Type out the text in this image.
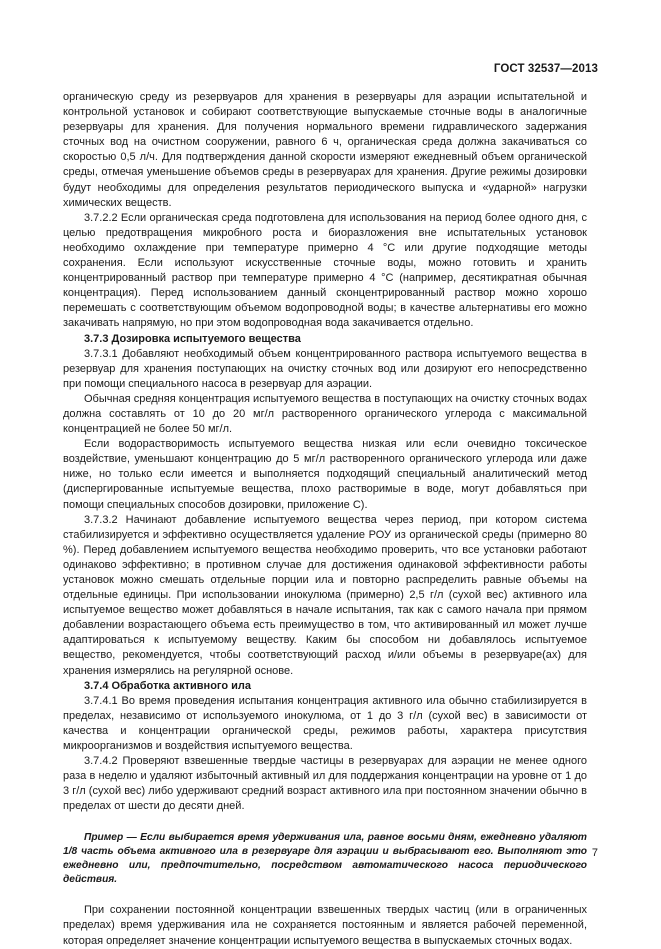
ГОСТ 32537—2013

органическую среду из резервуаров для хранения в резервуары для аэрации испытательной и контрольной установок и собирают соответствующие выпускаемые сточные воды в аналогичные резервуары для хранения. Для получения нормального времени гидравлического задержания сточных вод на очистном сооружении, равного 6 ч, органическая среда должна закачиваться со скоростью 0,5 л/ч. Для подтверждения данной скорости измеряют ежедневный объем органической среды, отмечая уменьшение объемов среды в резервуарах для хранения. Другие режимы дозировки будут необходимы для определения результатов периодического выпуска и «ударной» нагрузки химических веществ.

3.7.2.2 Если органическая среда подготовлена для использования на период более одного дня, с целью предотвращения микробного роста и биоразложения вне испытательных установок необходимо охлаждение при температуре примерно 4 °С или другие подходящие методы сохранения. Если используют искусственные сточные воды, можно готовить и хранить концентрированный раствор при температуре примерно 4 °С (например, десятикратная обычная концентрация). Перед использованием данный сконцентрированный раствор можно хорошо перемешать с соответствующим объемом водопроводной воды; в качестве альтернативы его можно закачивать напрямую, но при этом водопроводная вода закачивается отдельно.

3.7.3 Дозировка испытуемого вещества

3.7.3.1 Добавляют необходимый объем концентрированного раствора испытуемого вещества в резервуар для хранения поступающих на очистку сточных вод или дозируют его непосредственно при помощи специального насоса в резервуар для аэрации.

Обычная средняя концентрация испытуемого вещества в поступающих на очистку сточных водах должна составлять от 10 до 20 мг/л растворенного органического углерода с максимальной концентрацией не более 50 мг/л.

Если водорастворимость испытуемого вещества низкая или если очевидно токсическое воздействие, уменьшают концентрацию до 5 мг/л растворенного органического углерода или даже ниже, но только если имеется и выполняется подходящий специальный аналитический метод (диспергированные испытуемые вещества, плохо растворимые в воде, могут добавляться при помощи специальных способов дозировки, приложение С).

3.7.3.2 Начинают добавление испытуемого вещества через период, при котором система стабилизируется и эффективно осуществляется удаление РОУ из органической среды (примерно 80 %). Перед добавлением испытуемого вещества необходимо проверить, что все установки работают одинаково эффективно; в противном случае для достижения одинаковой эффективности работы установок можно смешать отдельные порции ила и повторно распределить равные объемы на отдельные единицы. При использовании инокулюма (примерно) 2,5 г/л (сухой вес) активного ила испытуемое вещество может добавляться в начале испытания, так как с самого начала при прямом добавлении возрастающего объема есть преимущество в том, что активированный ил может лучше адаптироваться к испытуемому веществу. Каким бы способом ни добавлялось испытуемое вещество, рекомендуется, чтобы соответствующий расход и/или объемы в резервуаре(ах) для хранения измерялись на регулярной основе.

3.7.4 Обработка активного ила

3.7.4.1 Во время проведения испытания концентрация активного ила обычно стабилизируется в пределах, независимо от используемого инокулюма, от 1 до 3 г/л (сухой вес) в зависимости от качества и концентрации органической среды, режимов работы, характера присутствия микроорганизмов и воздействия испытуемого вещества.

3.7.4.2 Проверяют взвешенные твердые частицы в резервуарах для аэрации не менее одного раза в неделю и удаляют избыточный активный ил для поддержания концентрации на уровне от 1 до 3 г/л (сухой вес) либо удерживают средний возраст активного ила при постоянном значении обычно в пределах от шести до десяти дней.

Пример — Если выбирается время удерживания ила, равное восьми дням, ежедневно удаляют 1/8 часть объема активного ила в резервуаре для аэрации и выбрасывают его. Выполняют это ежедневно или, предпочтительно, посредством автоматического насоса периодического действия.

При сохранении постоянной концентрации взвешенных твердых частиц (или в ограниченных пределах) время удерживания ила не сохраняется постоянным и является рабочей переменной, которая определяет значение концентрации испытуемого вещества в выпускаемых сточных водах.

7
